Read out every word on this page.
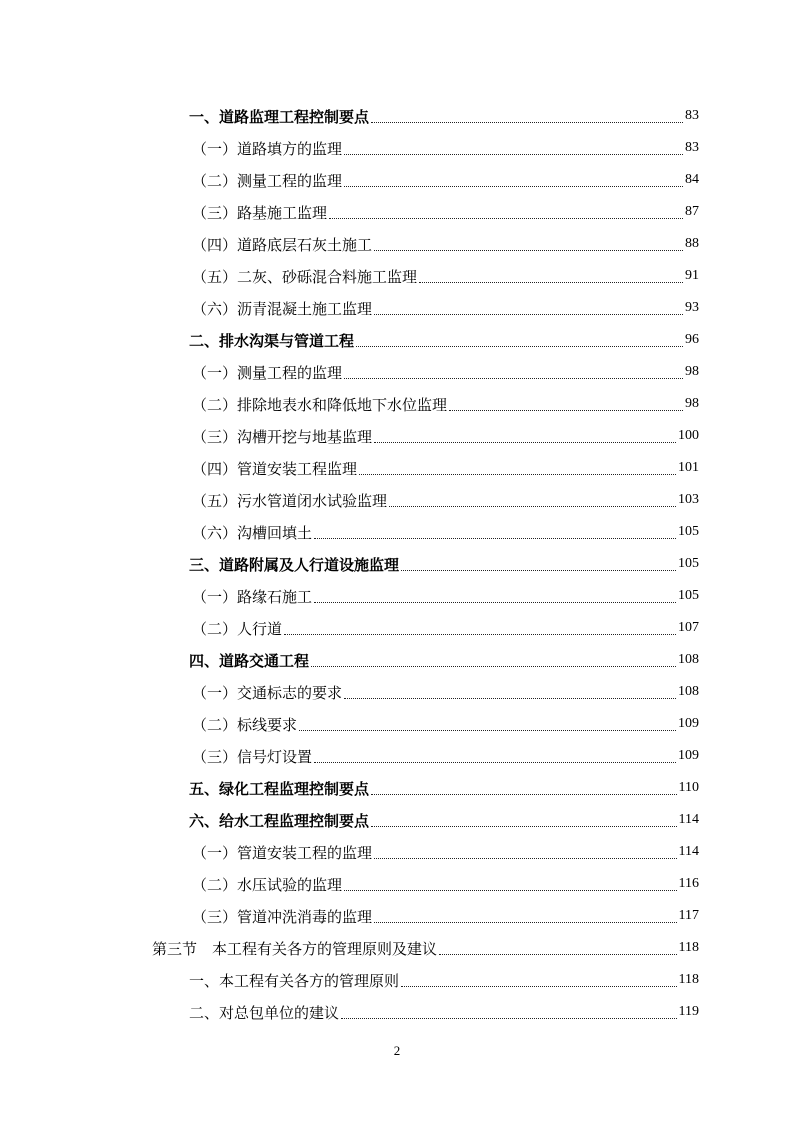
一、道路监理工程控制要点	83
（一）道路填方的监理	83
（二）测量工程的监理	84
（三）路基施工监理	87
（四）道路底层石灰土施工	88
（五）二灰、砂砾混合料施工监理	91
（六）沥青混凝土施工监理	93
二、排水沟渠与管道工程	96
（一）测量工程的监理	98
（二）排除地表水和降低地下水位监理	98
（三）沟槽开挖与地基监理	100
（四）管道安装工程监理	101
（五）污水管道闭水试验监理	103
（六）沟槽回填土	105
三、道路附属及人行道设施监理	105
（一）路缘石施工	105
（二）人行道	107
四、道路交通工程	108
（一）交通标志的要求	108
（二）标线要求	109
（三）信号灯设置	109
五、绿化工程监理控制要点	110
六、给水工程监理控制要点	114
（一）管道安装工程的监理	114
（二）水压试验的监理	116
（三）管道冲洗消毒的监理	117
第三节　本工程有关各方的管理原则及建议	118
一、本工程有关各方的管理原则	118
二、对总包单位的建议	119
2
